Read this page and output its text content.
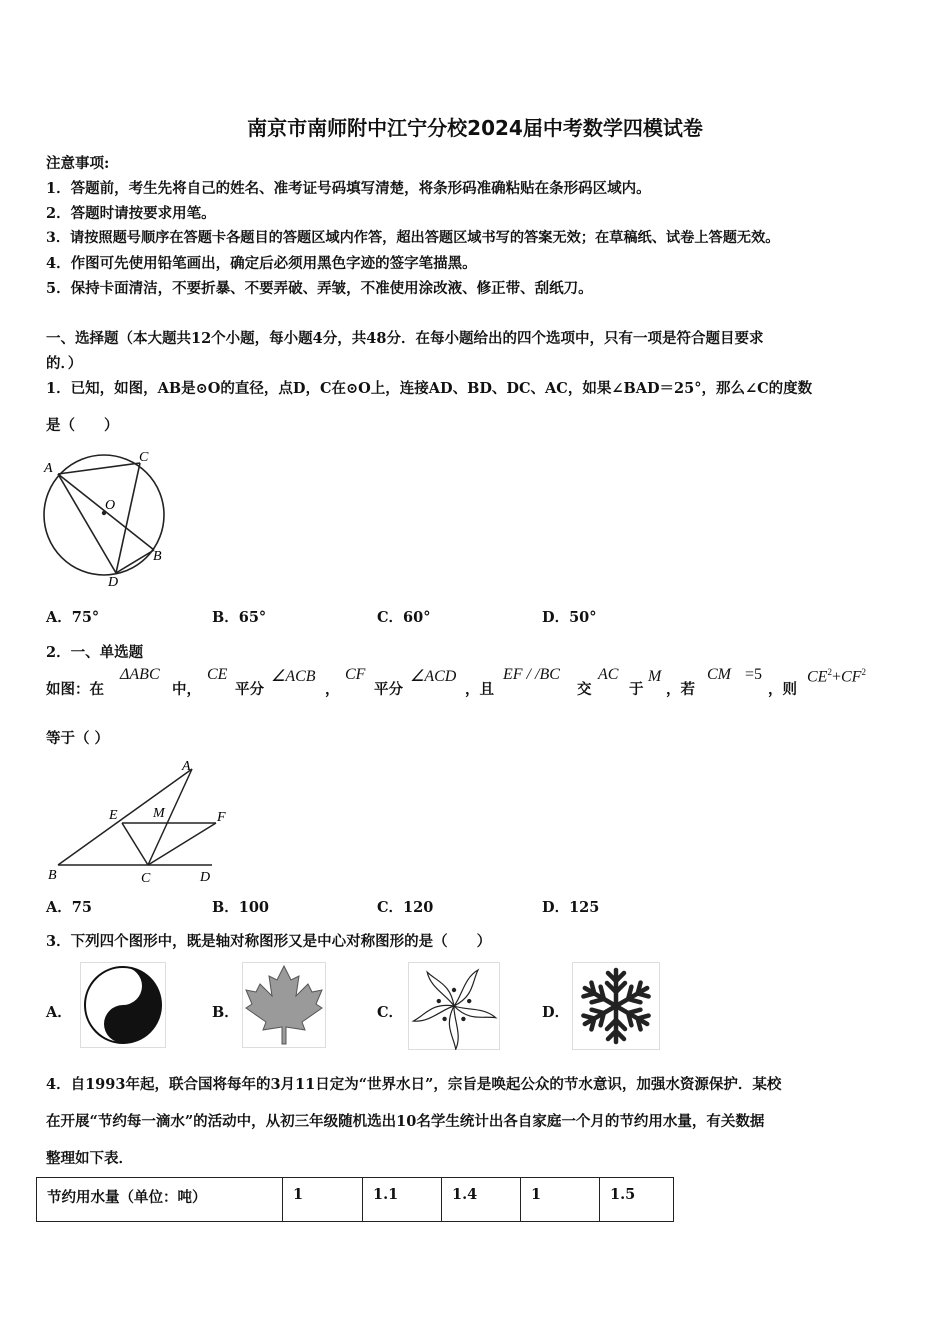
南京市南师附中江宁分校2024届中考数学四模试卷
注意事项:
1．答题前，考生先将自己的姓名、准考证号码填写清楚，将条形码准确粘贴在条形码区域内。
2．答题时请按要求用笔。
3．请按照题号顺序在答题卡各题目的答题区域内作答，超出答题区域书写的答案无效；在草稿纸、试卷上答题无效。
4．作图可先使用铅笔画出，确定后必须用黑色字迹的签字笔描黑。
5．保持卡面清洁，不要折暴、不要弄破、弄皱，不准使用涂改液、修正带、刮纸刀。
一、选择题（本大题共12个小题，每小题4分，共48分．在每小题给出的四个选项中，只有一项是符合题目要求
的．）
1．已知，如图，AB是⊙O的直径，点D，C在⊙O上，连接AD、BD、DC、AC，如果∠BAD＝25°，那么∠C的度数
是（　　）
A
C
O
B
D
A．75°	B．65°	C．60°	D．50°
2．一、单选题
如图：在
ΔABC
中，
CE
平分
∠ACB
，
CF
平分
∠ACD
，且
EF / /BC
交
AC
于
M
，若
CM =5
，则
$CE^2+CF^2$
等于（ ）
A
E	M	F
B	C	D
A．75	B．100	C．120	D．125
3．下列四个图形中，既是轴对称图形又是中心对称图形的是（　　）
A．	B．	C．	D．
4．自1993年起，联合国将每年的3月11日定为“世界水日”，宗旨是唤起公众的节水意识，加强水资源保护．某校
在开展“节约每一滴水”的活动中，从初三年级随机选出10名学生统计出各自家庭一个月的节约用水量，有关数据
整理如下表．
节约用水量（单位：吨）	1	1.1	1.4	1	1.5
